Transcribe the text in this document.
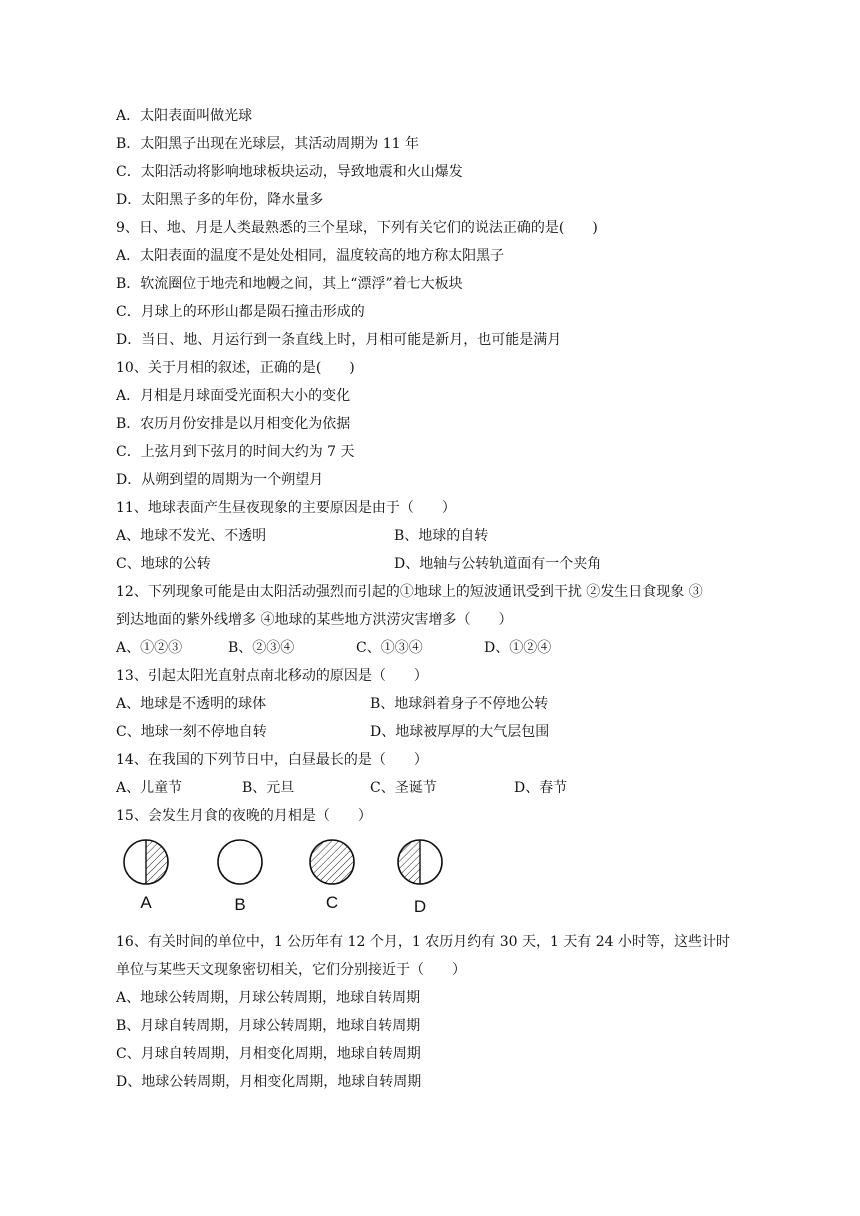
A．太阳表面叫做光球
B．太阳黑子出现在光球层，其活动周期为 11 年
C．太阳活动将影响地球板块运动，导致地震和火山爆发
D．太阳黑子多的年份，降水量多
9、日、地、月是人类最熟悉的三个星球，下列有关它们的说法正确的是(　　)
A．太阳表面的温度不是处处相同，温度较高的地方称太阳黑子
B．软流圈位于地壳和地幔之间，其上“漂浮”着七大板块
C．月球上的环形山都是陨石撞击形成的
D．当日、地、月运行到一条直线上时，月相可能是新月，也可能是满月
10、关于月相的叙述，正确的是(　　)
A．月相是月球面受光面积大小的变化
B．农历月份安排是以月相变化为依据
C．上弦月到下弦月的时间大约为 7 天
D．从朔到望的周期为一个朔望月
11、地球表面产生昼夜现象的主要原因是由于（　　）
A、地球不发光、不透明	B、地球的自转
C、地球的公转	D、地轴与公转轨道面有一个夹角
12、下列现象可能是由太阳活动强烈而引起的①地球上的短波通讯受到干扰 ②发生日食现象 ③
到达地面的紫外线增多 ④地球的某些地方洪涝灾害增多（　　）
A、①②③	B、②③④	C、①③④	D、①②④
13、引起太阳光直射点南北移动的原因是（　　）
A、地球是不透明的球体	B、地球斜着身子不停地公转
C、地球一刻不停地自转	D、地球被厚厚的大气层包围
14、在我国的下列节日中，白昼最长的是（　　）
A、儿童节	B、元旦	C、圣诞节	D、春节
15、会发生月食的夜晚的月相是（　　）
A	B	C	D
16、有关时间的单位中，1 公历年有 12 个月，1 农历月约有 30 天，1 天有 24 小时等，这些计时
单位与某些天文现象密切相关，它们分别接近于（　　）
A、地球公转周期，月球公转周期，地球自转周期
B、月球自转周期，月球公转周期，地球自转周期
C、月球自转周期，月相变化周期，地球自转周期
D、地球公转周期，月相变化周期，地球自转周期
